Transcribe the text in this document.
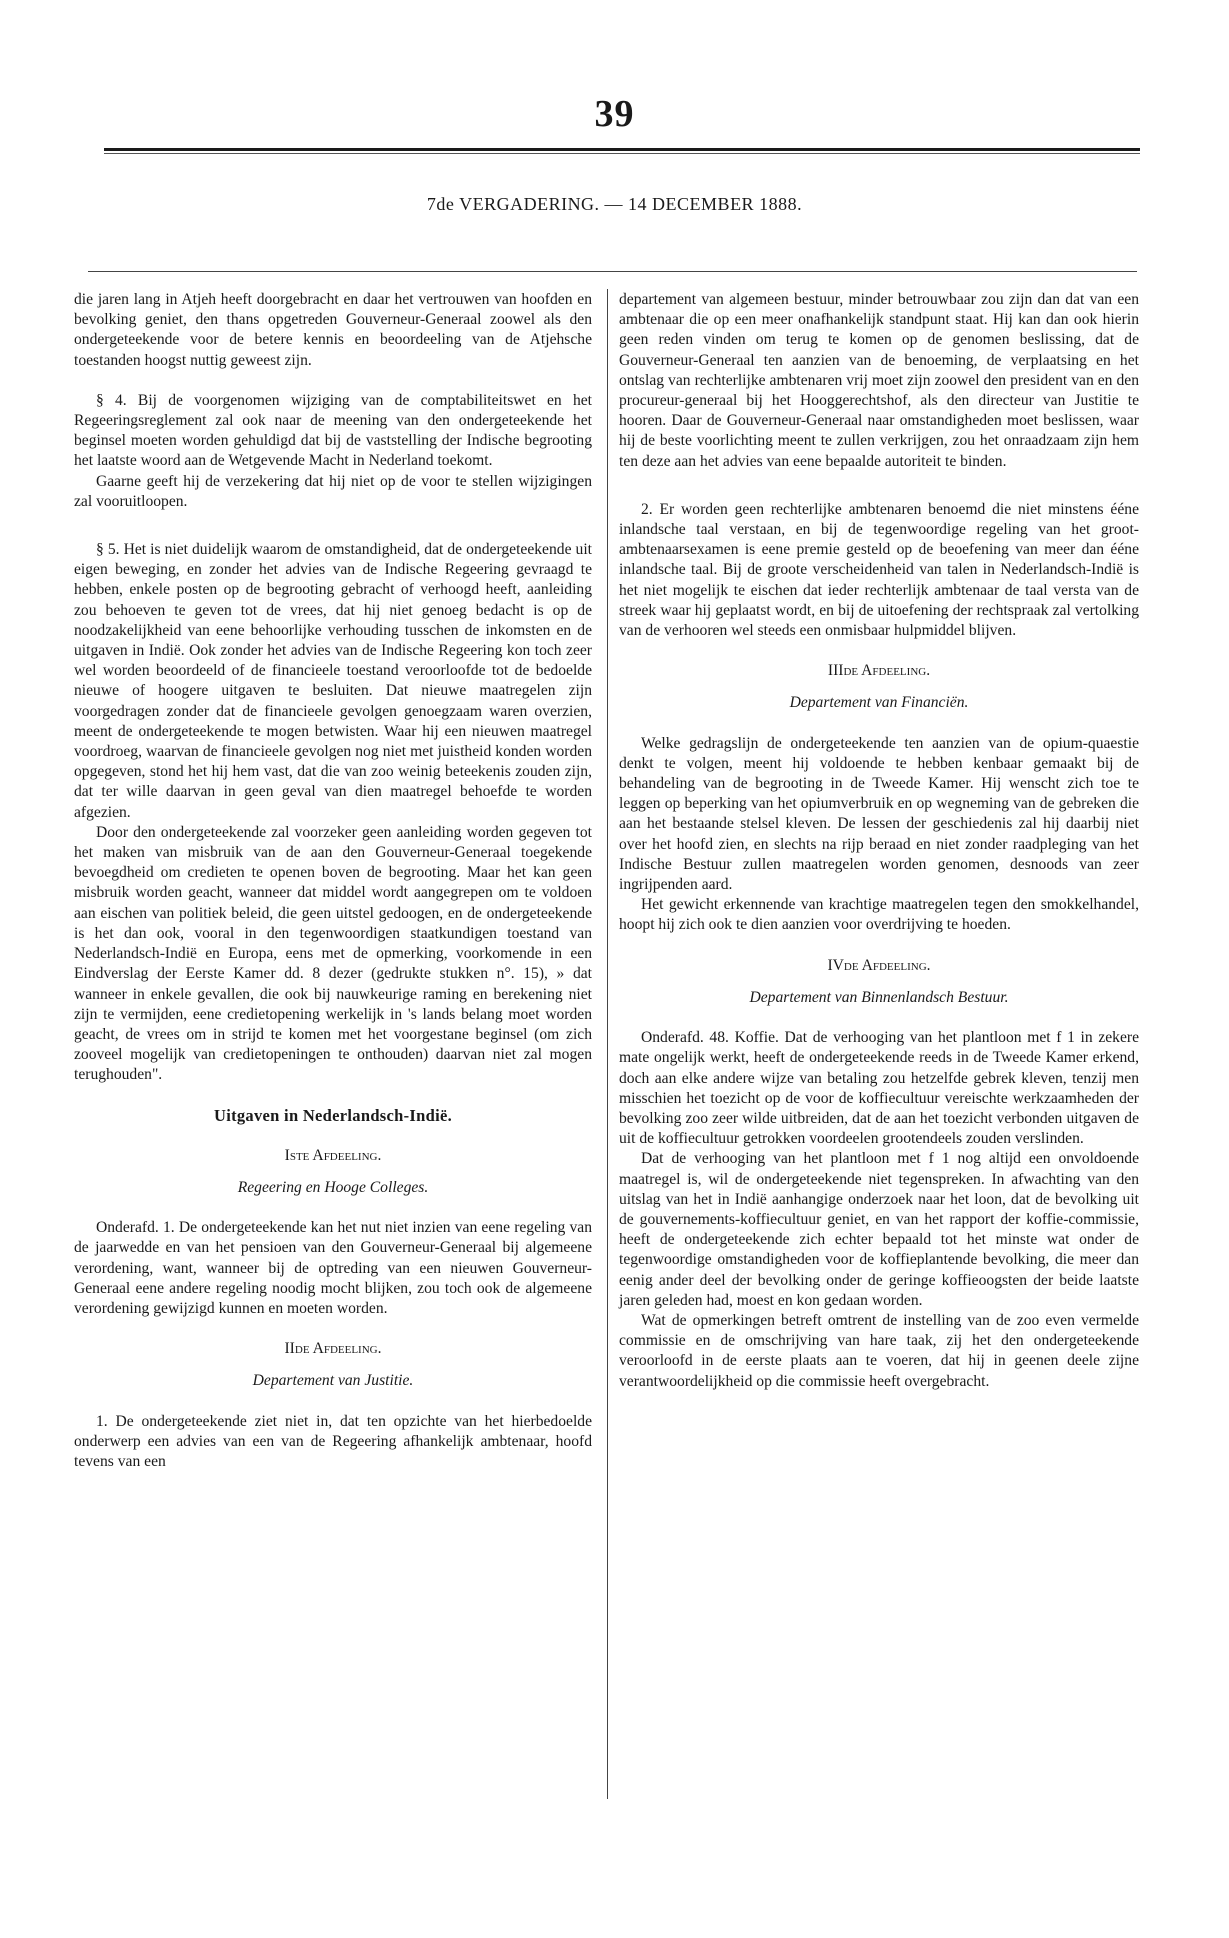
39
7de VERGADERING. — 14 DECEMBER 1888.

die jaren lang in Atjeh heeft doorgebracht en daar het vertrouwen van hoofden en bevolking geniet, den thans opgetreden Gouverneur-Generaal zoowel als den ondergeteekende voor de betere kennis en beoordeeling van de Atjehsche toestanden hoogst nuttig geweest zijn.

§ 4. Bij de voorgenomen wijziging van de comptabiliteitswet en het Regeeringsreglement zal ook naar de meening van den ondergeteekende het beginsel moeten worden gehuldigd dat bij de vaststelling der Indische begrooting het laatste woord aan de Wetgevende Macht in Nederland toekomt.

Gaarne geeft hij de verzekering dat hij niet op de voor te stellen wijzigingen zal vooruitloopen.

§ 5. Het is niet duidelijk waarom de omstandigheid, dat de ondergeteekende uit eigen beweging, en zonder het advies van de Indische Regeering gevraagd te hebben, enkele posten op de begrooting gebracht of verhoogd heeft, aanleiding zou behoeven te geven tot de vrees, dat hij niet genoeg bedacht is op de noodzakelijkheid van eene behoorlijke verhouding tusschen de inkomsten en de uitgaven in Indië. Ook zonder het advies van de Indische Regeering kon toch zeer wel worden beoordeeld of de financieele toestand veroorloofde tot de bedoelde nieuwe of hoogere uitgaven te besluiten. Dat nieuwe maatregelen zijn voorgedragen zonder dat de financieele gevolgen genoegzaam waren overzien, meent de ondergeteekende te mogen betwisten. Waar hij een nieuwen maatregel voordroeg, waarvan de financieele gevolgen nog niet met juistheid konden worden opgegeven, stond het hij hem vast, dat die van zoo weinig beteekenis zouden zijn, dat ter wille daarvan in geen geval van dien maatregel behoefde te worden afgezien.

Door den ondergeteekende zal voorzeker geen aanleiding worden gegeven tot het maken van misbruik van de aan den Gouverneur-Generaal toegekende bevoegdheid om credieten te openen boven de begrooting. Maar het kan geen misbruik worden geacht, wanneer dat middel wordt aangegrepen om te voldoen aan eischen van politiek beleid, die geen uitstel gedoogen, en de ondergeteekende is het dan ook, vooral in den tegenwoordigen staatkundigen toestand van Nederlandsch-Indië en Europa, eens met de opmerking, voorkomende in een Eindverslag der Eerste Kamer dd. 8 dezer (gedrukte stukken n°. 15), » dat wanneer in enkele gevallen, die ook bij nauwkeurige raming en berekening niet zijn te vermijden, eene credietopening werkelijk in 's lands belang moet worden geacht, de vrees om in strijd te komen met het voorgestane beginsel (om zich zooveel mogelijk van credietopeningen te onthouden) daarvan niet zal mogen terughouden".

Uitgaven in Nederlandsch-Indië.

Iste Afdeeling.

Regeering en Hooge Colleges.

Onderafd. 1. De ondergeteekende kan het nut niet inzien van eene regeling van de jaarwedde en van het pensioen van den Gouverneur-Generaal bij algemeene verordening, want, wanneer bij de optreding van een nieuwen Gouverneur-Generaal eene andere regeling noodig mocht blijken, zou toch ook de algemeene verordening gewijzigd kunnen en moeten worden.

IIde Afdeeling.

Departement van Justitie.

1. De ondergeteekende ziet niet in, dat ten opzichte van het hierbedoelde onderwerp een advies van een van de Regeering afhankelijk ambtenaar, hoofd tevens van een

departement van algemeen bestuur, minder betrouwbaar zou zijn dan dat van een ambtenaar die op een meer onafhankelijk standpunt staat. Hij kan dan ook hierin geen reden vinden om terug te komen op de genomen beslissing, dat de Gouverneur-Generaal ten aanzien van de benoeming, de verplaatsing en het ontslag van rechterlijke ambtenaren vrij moet zijn zoowel den president van en den procureur-generaal bij het Hooggerechtshof, als den directeur van Justitie te hooren. Daar de Gouverneur-Generaal naar omstandigheden moet beslissen, waar hij de beste voorlichting meent te zullen verkrijgen, zou het onraadzaam zijn hem ten deze aan het advies van eene bepaalde autoriteit te binden.

2. Er worden geen rechterlijke ambtenaren benoemd die niet minstens ééne inlandsche taal verstaan, en bij de tegenwoordige regeling van het groot-ambtenaarsexamen is eene premie gesteld op de beoefening van meer dan ééne inlandsche taal. Bij de groote verscheidenheid van talen in Nederlandsch-Indië is het niet mogelijk te eischen dat ieder rechterlijk ambtenaar de taal versta van de streek waar hij geplaatst wordt, en bij de uitoefening der rechtspraak zal vertolking van de verhooren wel steeds een onmisbaar hulpmiddel blijven.

IIIde Afdeeling.

Departement van Financiën.

Welke gedragslijn de ondergeteekende ten aanzien van de opium-quaestie denkt te volgen, meent hij voldoende te hebben kenbaar gemaakt bij de behandeling van de begrooting in de Tweede Kamer. Hij wenscht zich toe te leggen op beperking van het opiumverbruik en op wegneming van de gebreken die aan het bestaande stelsel kleven. De lessen der geschiedenis zal hij daarbij niet over het hoofd zien, en slechts na rijp beraad en niet zonder raadpleging van het Indische Bestuur zullen maatregelen worden genomen, desnoods van zeer ingrijpenden aard.

Het gewicht erkennende van krachtige maatregelen tegen den smokkelhandel, hoopt hij zich ook te dien aanzien voor overdrijving te hoeden.

IVde Afdeeling.

Departement van Binnenlandsch Bestuur.

Onderafd. 48. Koffie. Dat de verhooging van het plantloon met f 1 in zekere mate ongelijk werkt, heeft de ondergeteekende reeds in de Tweede Kamer erkend, doch aan elke andere wijze van betaling zou hetzelfde gebrek kleven, tenzij men misschien het toezicht op de voor de koffiecultuur vereischte werkzaamheden der bevolking zoo zeer wilde uitbreiden, dat de aan het toezicht verbonden uitgaven de uit de koffiecultuur getrokken voordeelen grootendeels zouden verslinden.

Dat de verhooging van het plantloon met f 1 nog altijd een onvoldoende maatregel is, wil de ondergeteekende niet tegenspreken. In afwachting van den uitslag van het in Indië aanhangige onderzoek naar het loon, dat de bevolking uit de gouvernements-koffiecultuur geniet, en van het rapport der koffie-commissie, heeft de ondergeteekende zich echter bepaald tot het minste wat onder de tegenwoordige omstandigheden voor de koffieplantende bevolking, die meer dan eenig ander deel der bevolking onder de geringe koffieoogsten der beide laatste jaren geleden had, moest en kon gedaan worden.

Wat de opmerkingen betreft omtrent de instelling van de zoo even vermelde commissie en de omschrijving van hare taak, zij het den ondergeteekende veroorloofd in de eerste plaats aan te voeren, dat hij in geenen deele zijne verantwoordelijkheid op die commissie heeft overgebracht.
